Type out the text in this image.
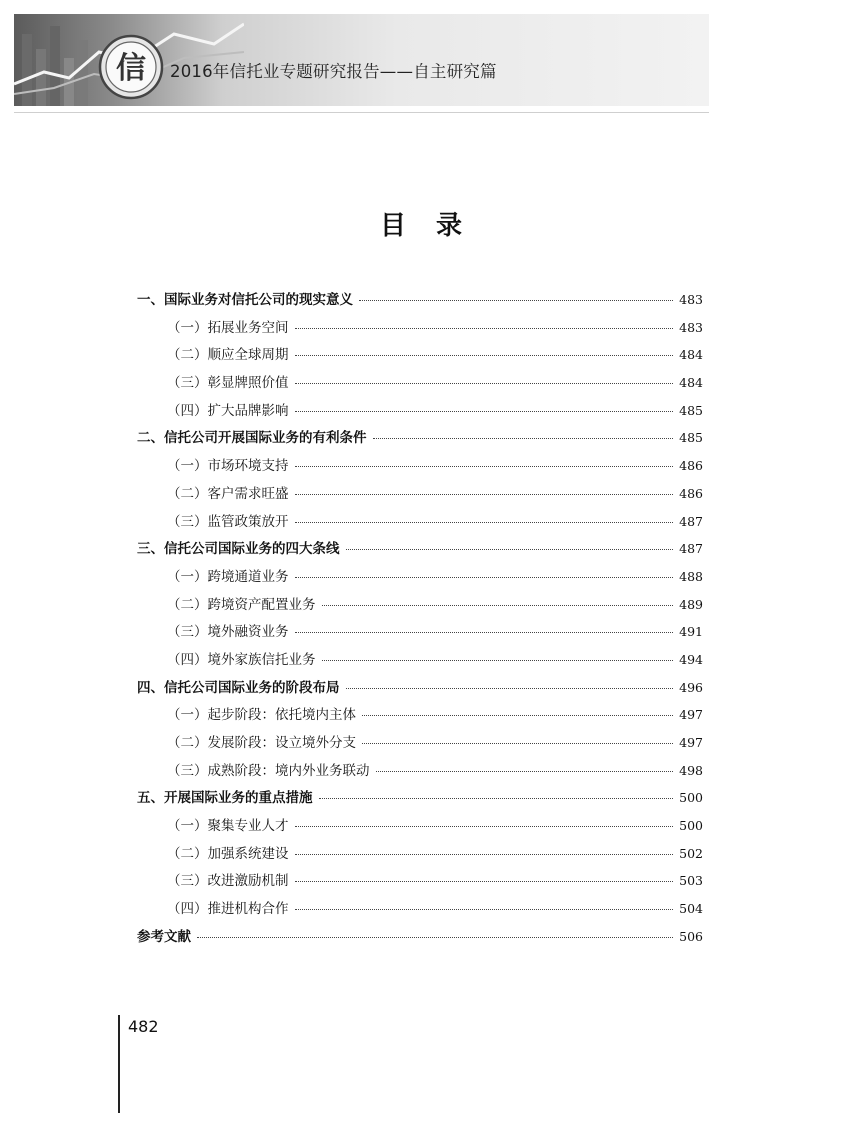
信 2016年信托业专题研究报告——自主研究篇
目录
一、 国际业务对信托公司的现实意义	483
（一） 拓展业务空间	483
（二） 顺应全球周期	484
（三） 彰显牌照价值	484
（四） 扩大品牌影响	485
二、 信托公司开展国际业务的有利条件	485
（一） 市场环境支持	486
（二） 客户需求旺盛	486
（三） 监管政策放开	487
三、 信托公司国际业务的四大条线	487
（一） 跨境通道业务	488
（二） 跨境资产配置业务	489
（三） 境外融资业务	491
（四） 境外家族信托业务	494
四、 信托公司国际业务的阶段布局	496
（一） 起步阶段：依托境内主体	497
（二） 发展阶段：设立境外分支	497
（三） 成熟阶段：境内外业务联动	498
五、 开展国际业务的重点措施	500
（一） 聚集专业人才	500
（二） 加强系统建设	502
（三） 改进激励机制	503
（四） 推进机构合作	504
参考文献	506
482
